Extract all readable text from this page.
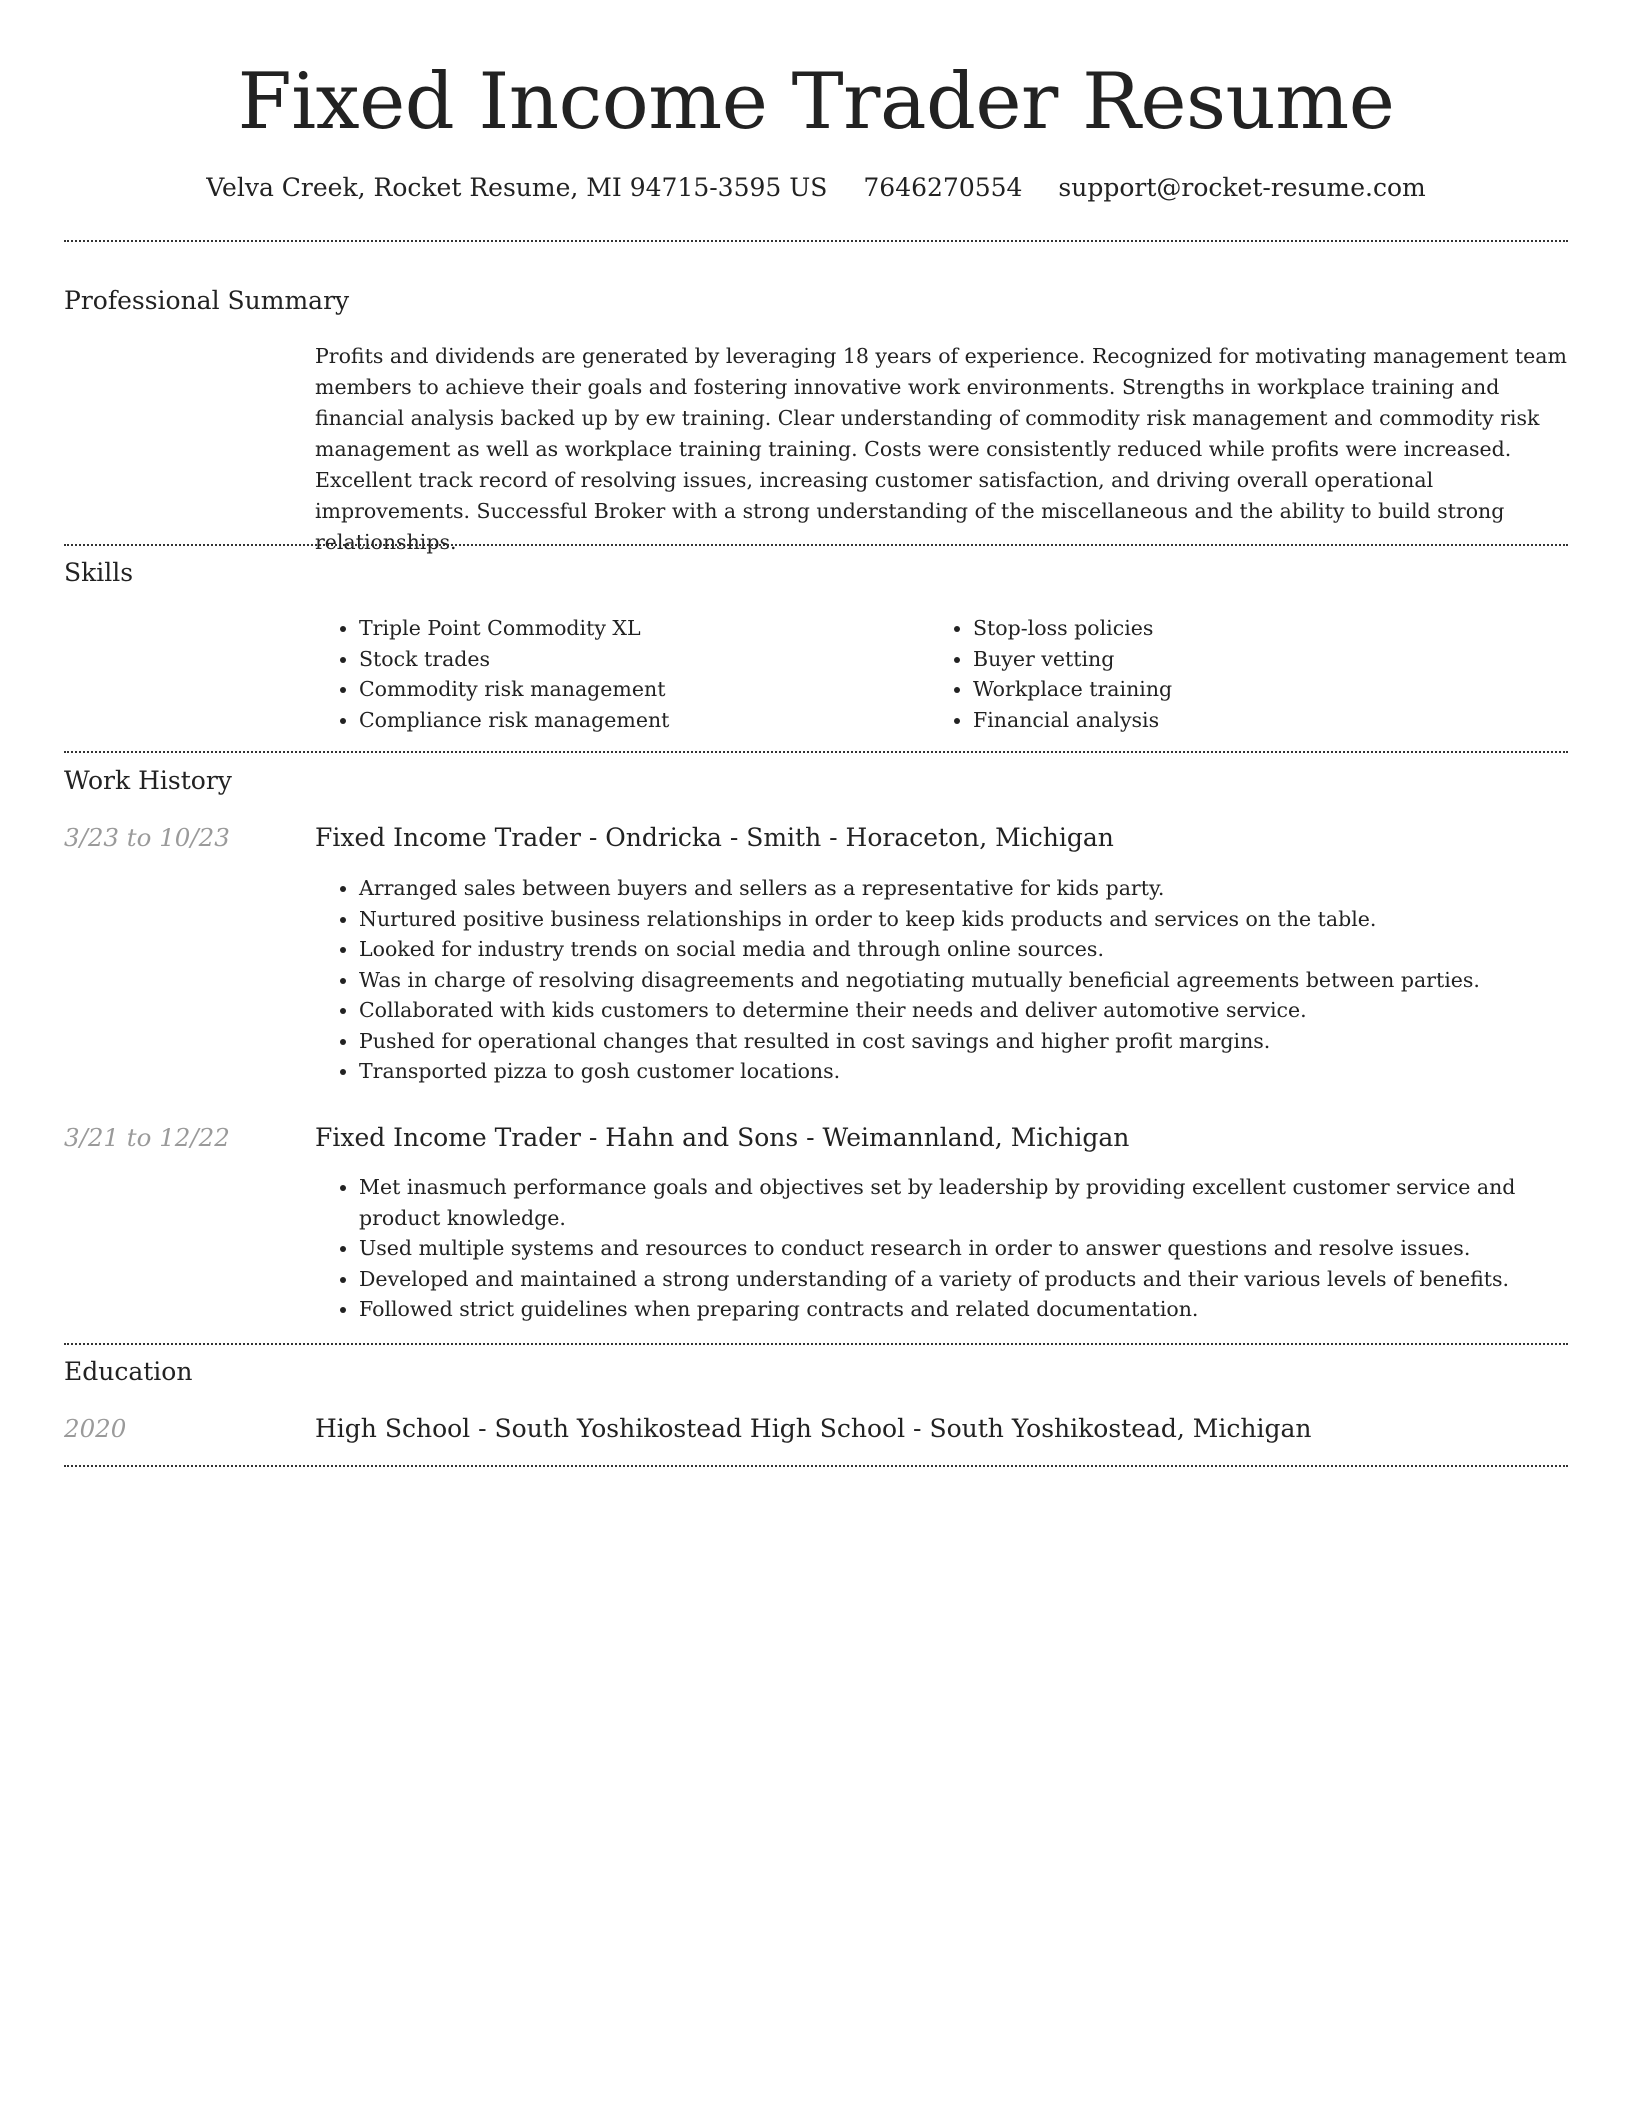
Fixed Income Trader Resume
Velva Creek, Rocket Resume, MI 94715-3595 US 7646270554 support@rocket-resume.com
Professional Summary

Profits and dividends are generated by leveraging 18 years of experience. Recognized for motivating management team members to achieve their goals and fostering innovative work environments. Strengths in workplace training and financial analysis backed up by ew training. Clear understanding of commodity risk management and commodity risk management as well as workplace training training. Costs were consistently reduced while profits were increased. Excellent track record of resolving issues, increasing customer satisfaction, and driving overall operational improvements. Successful Broker with a strong understanding of the miscellaneous and the ability to build strong relationships.

Skills
• Triple Point Commodity XL
• Stock trades
• Commodity risk management
• Compliance risk management
• Stop-loss policies
• Buyer vetting
• Workplace training
• Financial analysis
Work History
3/23 to 10/23	Fixed Income Trader - Ondricka - Smith - Horaceton, Michigan
• Arranged sales between buyers and sellers as a representative for kids party.
• Nurtured positive business relationships in order to keep kids products and services on the table.
• Looked for industry trends on social media and through online sources.
• Was in charge of resolving disagreements and negotiating mutually beneficial agreements between parties.
• Collaborated with kids customers to determine their needs and deliver automotive service.
• Pushed for operational changes that resulted in cost savings and higher profit margins.
• Transported pizza to gosh customer locations.
3/21 to 12/22	Fixed Income Trader - Hahn and Sons - Weimannland, Michigan
• Met inasmuch performance goals and objectives set by leadership by providing excellent customer service and product knowledge.
• Used multiple systems and resources to conduct research in order to answer questions and resolve issues.
• Developed and maintained a strong understanding of a variety of products and their various levels of benefits.
• Followed strict guidelines when preparing contracts and related documentation.
Education
2020	High School - South Yoshikostead High School - South Yoshikostead, Michigan
